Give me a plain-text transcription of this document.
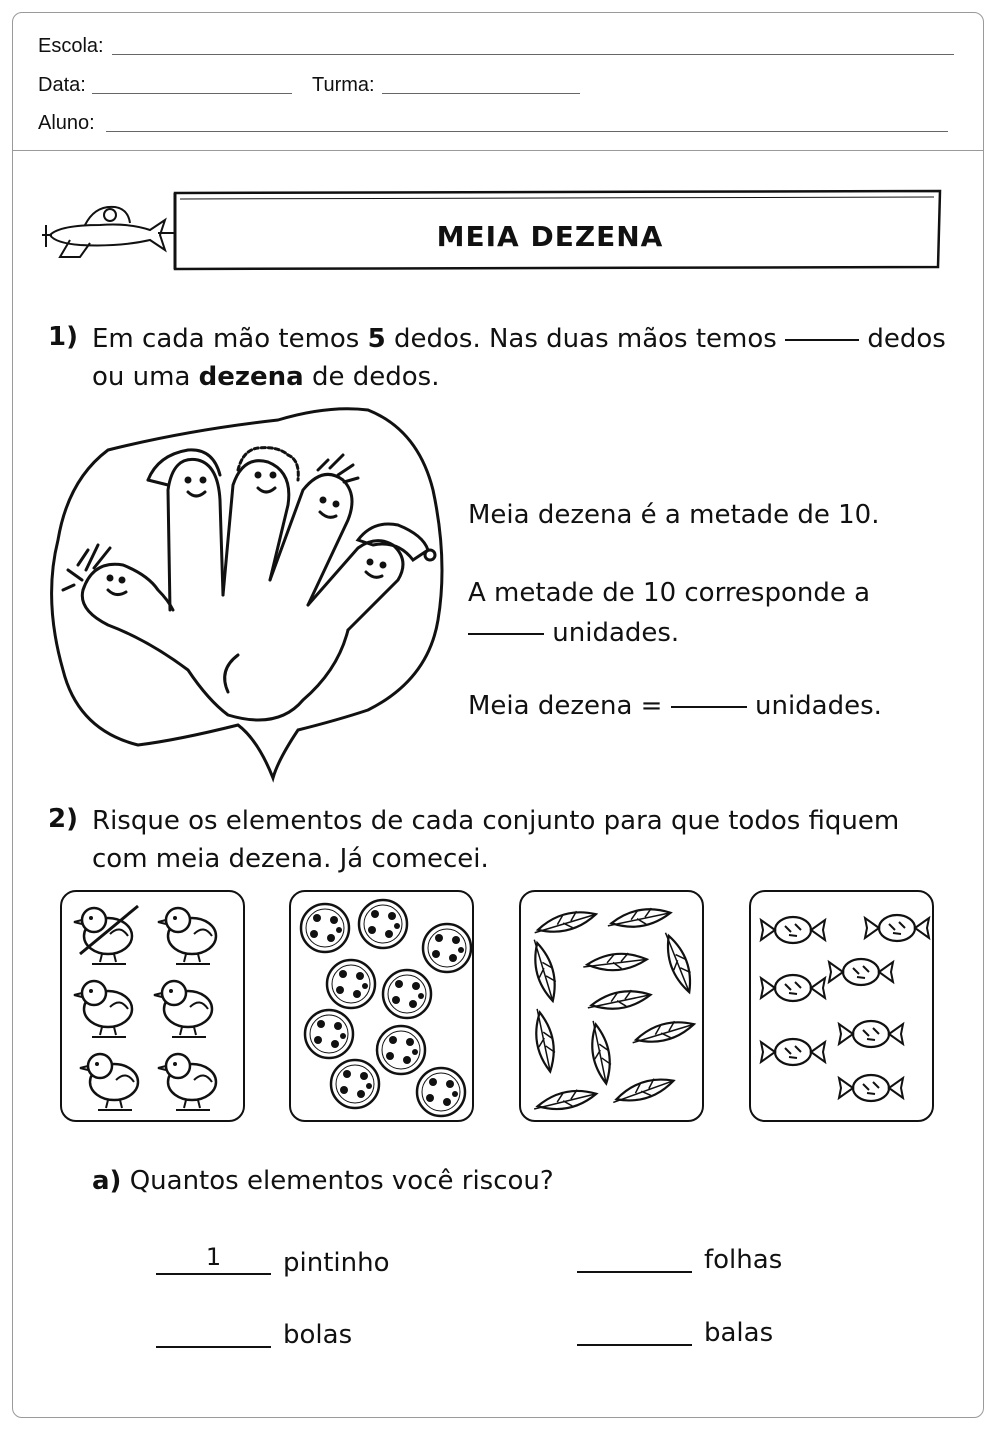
Escola:
Data:	Turma:
Aluno:
MEIA DEZENA
1) Em cada mão temos 5 dedos. Nas duas mãos temos	dedos
ou uma dezena de dedos.
Meia dezena é a metade de 10.
A metade de 10 corresponde a
unidades.
Meia dezena =	unidades.
2) Risque os elementos de cada conjunto para que todos fiquem
com meia dezena. Já comecei.
a) Quantos elementos você riscou?
1	pintinho	folhas
bolas	balas
